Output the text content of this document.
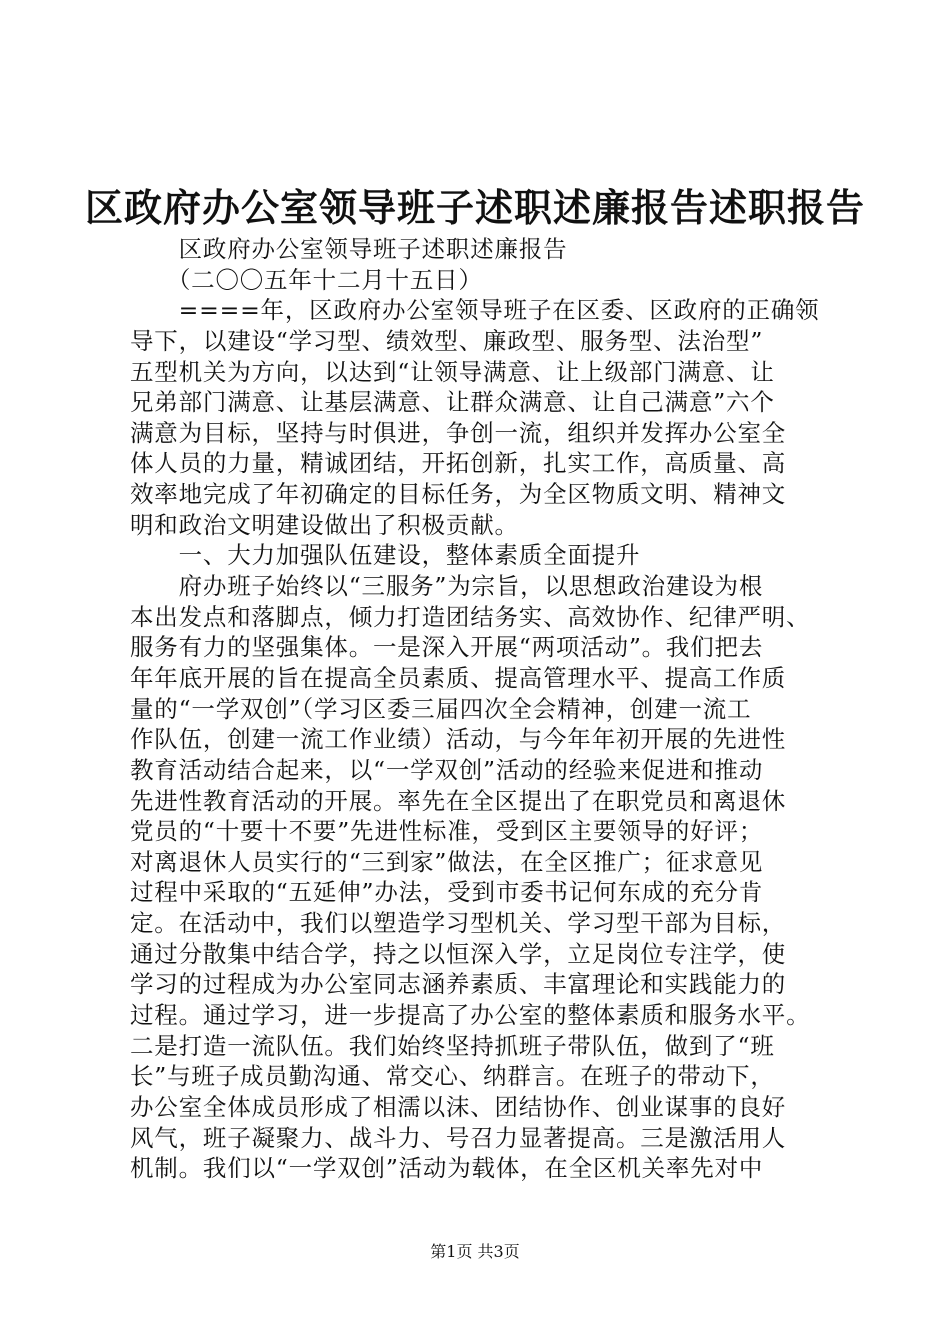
区政府办公室领导班子述职述廉报告述职报告
　　区政府办公室领导班子述职述廉报告
　　（二〇〇五年十二月十五日）
　　====年，区政府办公室领导班子在区委、区政府的正确领
导下，以建设“学习型、绩效型、廉政型、服务型、法治型”
五型机关为方向，以达到“让领导满意、让上级部门满意、让
兄弟部门满意、让基层满意、让群众满意、让自己满意”六个
满意为目标，坚持与时俱进，争创一流，组织并发挥办公室全
体人员的力量，精诚团结，开拓创新，扎实工作，高质量、高
效率地完成了年初确定的目标任务，为全区物质文明、精神文
明和政治文明建设做出了积极贡献。
　　一、大力加强队伍建设，整体素质全面提升
　　府办班子始终以“三服务”为宗旨，以思想政治建设为根
本出发点和落脚点，倾力打造团结务实、高效协作、纪律严明、
服务有力的坚强集体。一是深入开展“两项活动”。我们把去
年年底开展的旨在提高全员素质、提高管理水平、提高工作质
量的“一学双创”（学习区委三届四次全会精神，创建一流工
作队伍，创建一流工作业绩）活动，与今年年初开展的先进性
教育活动结合起来，以“一学双创”活动的经验来促进和推动
先进性教育活动的开展。率先在全区提出了在职党员和离退休
党员的“十要十不要”先进性标准，受到区主要领导的好评；
对离退休人员实行的“三到家”做法，在全区推广；征求意见
过程中采取的“五延伸”办法，受到市委书记何东成的充分肯
定。在活动中，我们以塑造学习型机关、学习型干部为目标，
通过分散集中结合学，持之以恒深入学，立足岗位专注学，使
学习的过程成为办公室同志涵养素质、丰富理论和实践能力的
过程。通过学习，进一步提高了办公室的整体素质和服务水平。
二是打造一流队伍。我们始终坚持抓班子带队伍，做到了“班
长”与班子成员勤沟通、常交心、纳群言。在班子的带动下，
办公室全体成员形成了相濡以沫、团结协作、创业谋事的良好
风气，班子凝聚力、战斗力、号召力显著提高。三是激活用人
机制。我们以“一学双创”活动为载体，在全区机关率先对中
第1页 共3页
